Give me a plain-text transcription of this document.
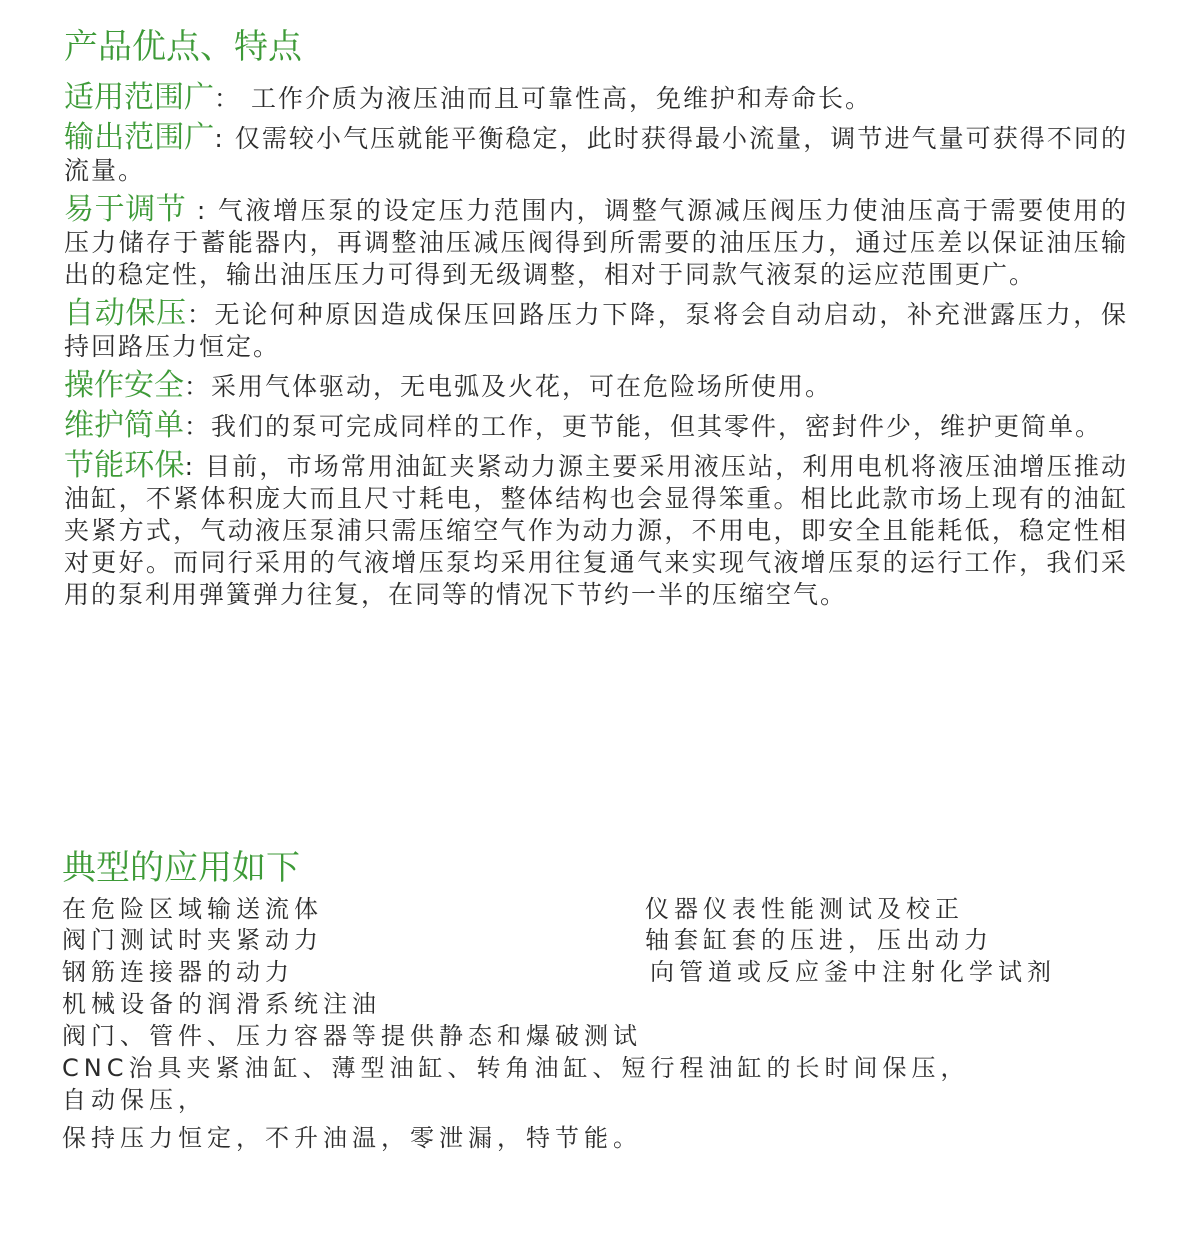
产品优点、特点

适用范围广： 工作介质为液压油而且可靠性高，免维护和寿命长。

输出范围广: 仅需较小气压就能平衡稳定，此时获得最小流量，调节进气量可获得不同的流量。

易于调节 : 气液增压泵的设定压力范围内，调整气源减压阀压力使油压高于需要使用的压力储存于蓄能器内，再调整油压减压阀得到所需要的油压压力，通过压差以保证油压输出的稳定性，输出油压压力可得到无级调整，相对于同款气液泵的运应范围更广。

自动保压：无论何种原因造成保压回路压力下降，泵将会自动启动，补充泄露压力，保持回路压力恒定。

操作安全：采用气体驱动，无电弧及火花，可在危险场所使用。

维护简单：我们的泵可完成同样的工作，更节能，但其零件，密封件少，维护更简单。

节能环保: 目前，市场常用油缸夹紧动力源主要采用液压站，利用电机将液压油增压推动油缸，不紧体积庞大而且尺寸耗电，整体结构也会显得笨重。相比此款市场上现有的油缸夹紧方式，气动液压泵浦只需压缩空气作为动力源，不用电，即安全且能耗低，稳定性相对更好。而同行采用的气液增压泵均采用往复通气来实现气液增压泵的运行工作，我们采用的泵利用弹簧弹力往复，在同等的情况下节约一半的压缩空气。

典型的应用如下

在危险区域输送流体

阀门测试时夹紧动力

钢筋连接器的动力

机械设备的润滑系统注油

阀门、管件、压力容器等提供静态和爆破测试

CNC治具夹紧油缸、薄型油缸、转角油缸、短行程油缸的长时间保压，自动保压，

保持压力恒定，不升油温，零泄漏，特节能。

仪器仪表性能测试及校正

轴套缸套的压进，压出动力

向管道或反应釜中注射化学试剂
